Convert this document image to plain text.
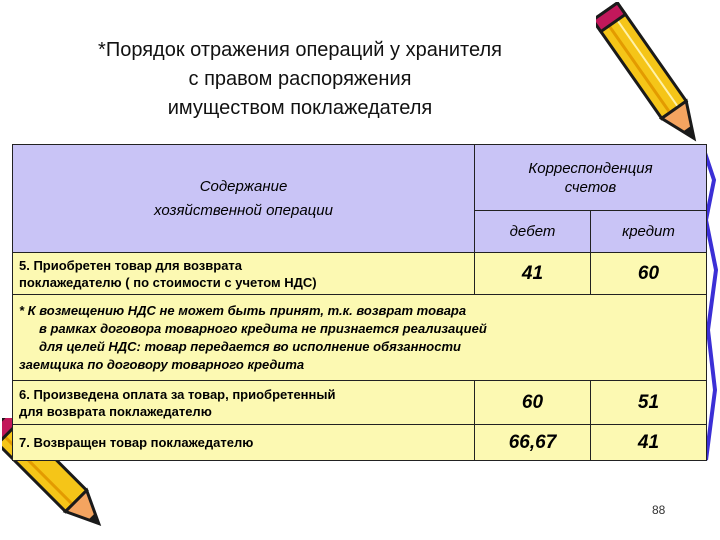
*Порядок отражения операций у хранителя
с правом распоряжения
имуществом поклажедателя
Содержание
хозяйственной операции	Корреспонденция
счетов	
	дебет	кредит
5. Приобретен товар для возврата
поклажедателю ( по стоимости с учетом НДС)	41	60
* К возмещению НДС не может быть принят, т.к. возврат товара
в рамках договора товарного кредита не признается реализацией
для целей НДС: товар передается во исполнение обязанности
заемщика по договору товарного кредита		

6. Произведена оплата за товар, приобретенный
для возврата поклажедателю	60	51
7. Возвращен товар поклажедателю	66,67	41
88
